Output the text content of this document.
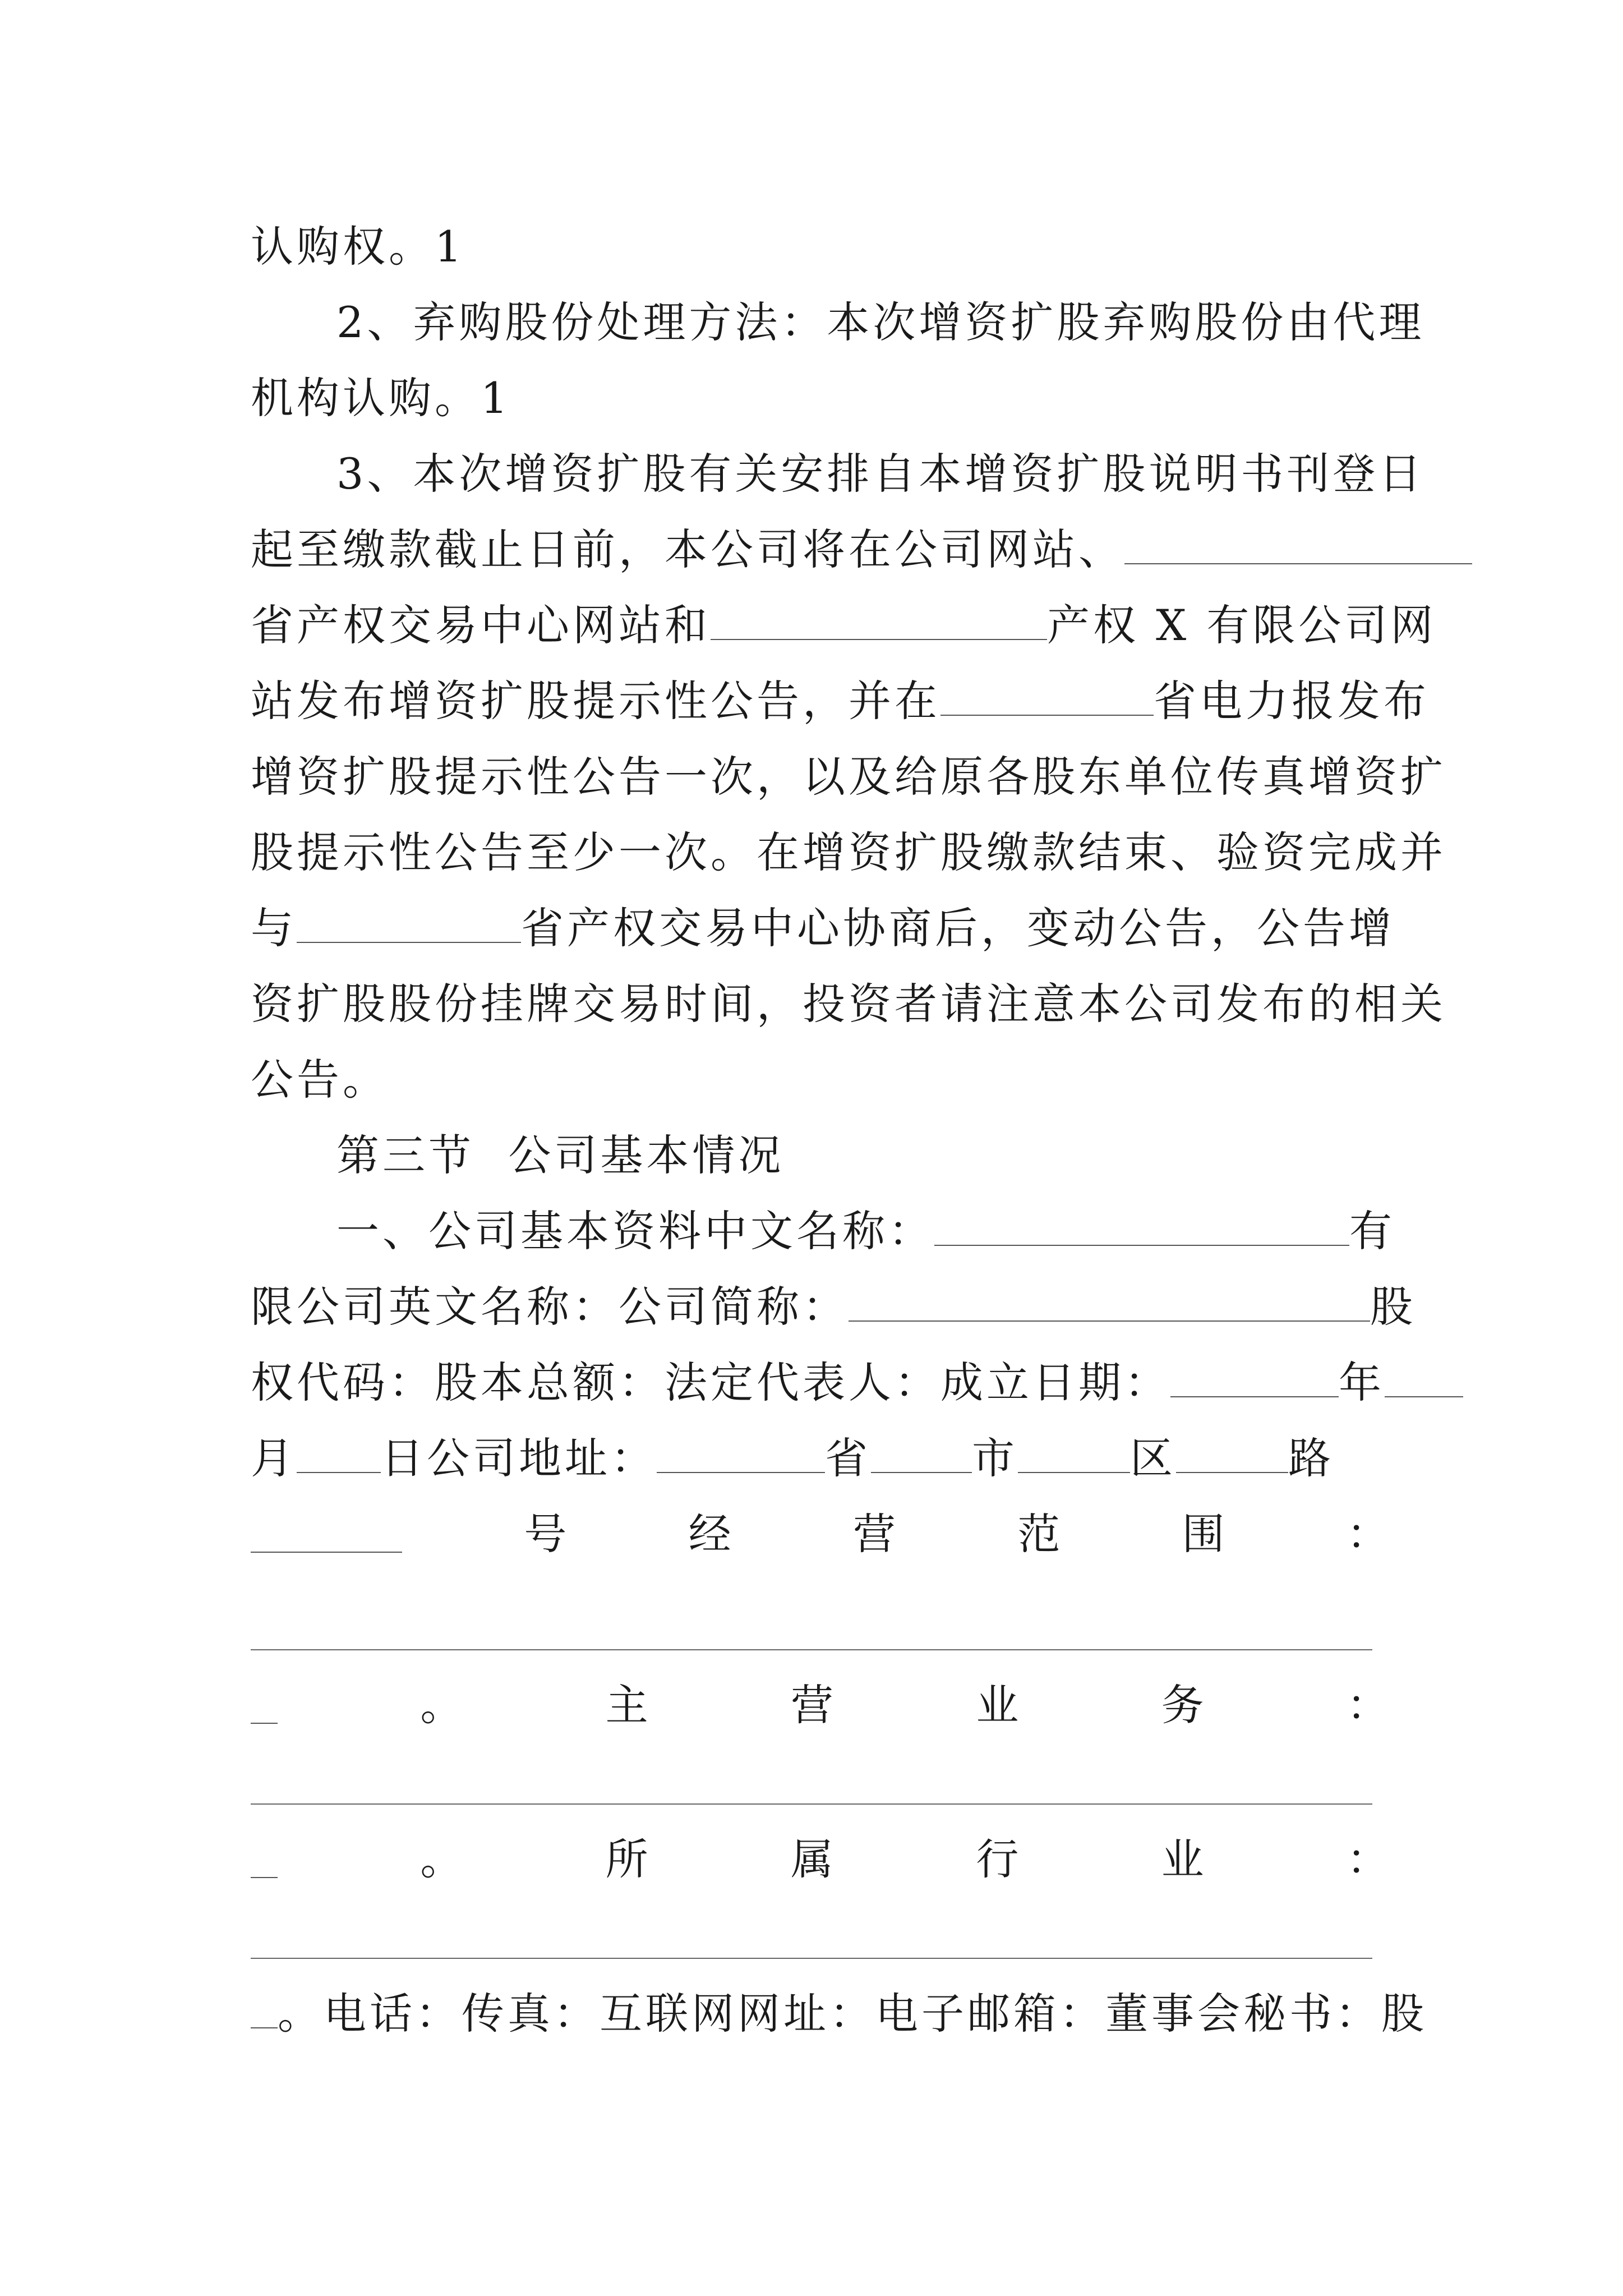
认购权。1
2、弃购股份处理方法：本次增资扩股弃购股份由代理
机构认购。1
3、本次增资扩股有关安排自本增资扩股说明书刊登日
起至缴款截止日前，本公司将在公司网站、
省产权交易中心网站和	产权 X 有限公司网
站发布增资扩股提示性公告，并在	省电力报发布
增资扩股提示性公告一次，以及给原各股东单位传真增资扩
股提示性公告至少一次。在增资扩股缴款结束、验资完成并
与	省产权交易中心协商后，变动公告，公告增
资扩股股份挂牌交易时间，投资者请注意本公司发布的相关
公告。
第三节  公司基本情况
一、公司基本资料中文名称：	有
限公司英文名称：公司简称：	股
权代码：股本总额：法定代表人：成立日期：	年
月 日公司地址：	省 市	区	路
号	经	营	范	围	：
。	主	营	业	务	：
。	所	属	行	业	：
。电话：传真：互联网网址：电子邮箱：董事会秘书：股
